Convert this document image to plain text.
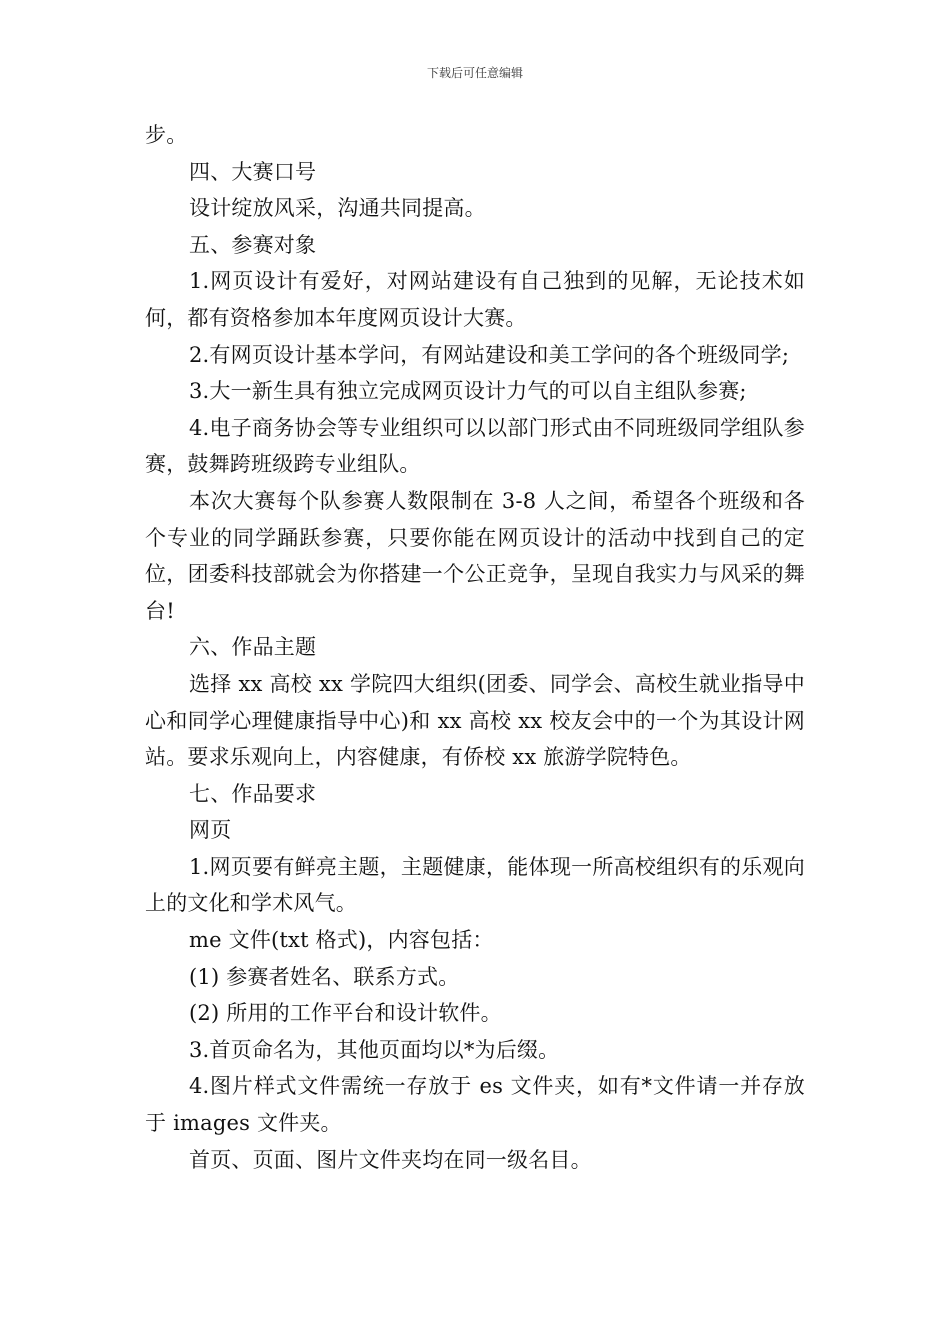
下载后可任意编辑

步。

四、大赛口号

设计绽放风采，沟通共同提高。

五、参赛对象

1.网页设计有爱好，对网站建设有自己独到的见解，无论技术如何，都有资格参加本年度网页设计大赛。

2.有网页设计基本学问，有网站建设和美工学问的各个班级同学;

3.大一新生具有独立完成网页设计力气的可以自主组队参赛;

4.电子商务协会等专业组织可以以部门形式由不同班级同学组队参赛，鼓舞跨班级跨专业组队。

本次大赛每个队参赛人数限制在 3-8 人之间，希望各个班级和各个专业的同学踊跃参赛，只要你能在网页设计的活动中找到自己的定位，团委科技部就会为你搭建一个公正竞争，呈现自我实力与风采的舞台!

六、作品主题

选择 xx 高校 xx 学院四大组织(团委、同学会、高校生就业指导中心和同学心理健康指导中心)和 xx 高校 xx 校友会中的一个为其设计网站。要求乐观向上，内容健康，有侨校 xx 旅游学院特色。

七、作品要求

网页

1.网页要有鲜亮主题，主题健康，能体现一所高校组织有的乐观向上的文化和学术风气。

me 文件(txt 格式)，内容包括：

(1) 参赛者姓名、联系方式。

(2) 所用的工作平台和设计软件。

3.首页命名为，其他页面均以*为后缀。

4.图片样式文件需统一存放于 es 文件夹，如有*文件请一并存放于 images 文件夹。

首页、页面、图片文件夹均在同一级名目。
